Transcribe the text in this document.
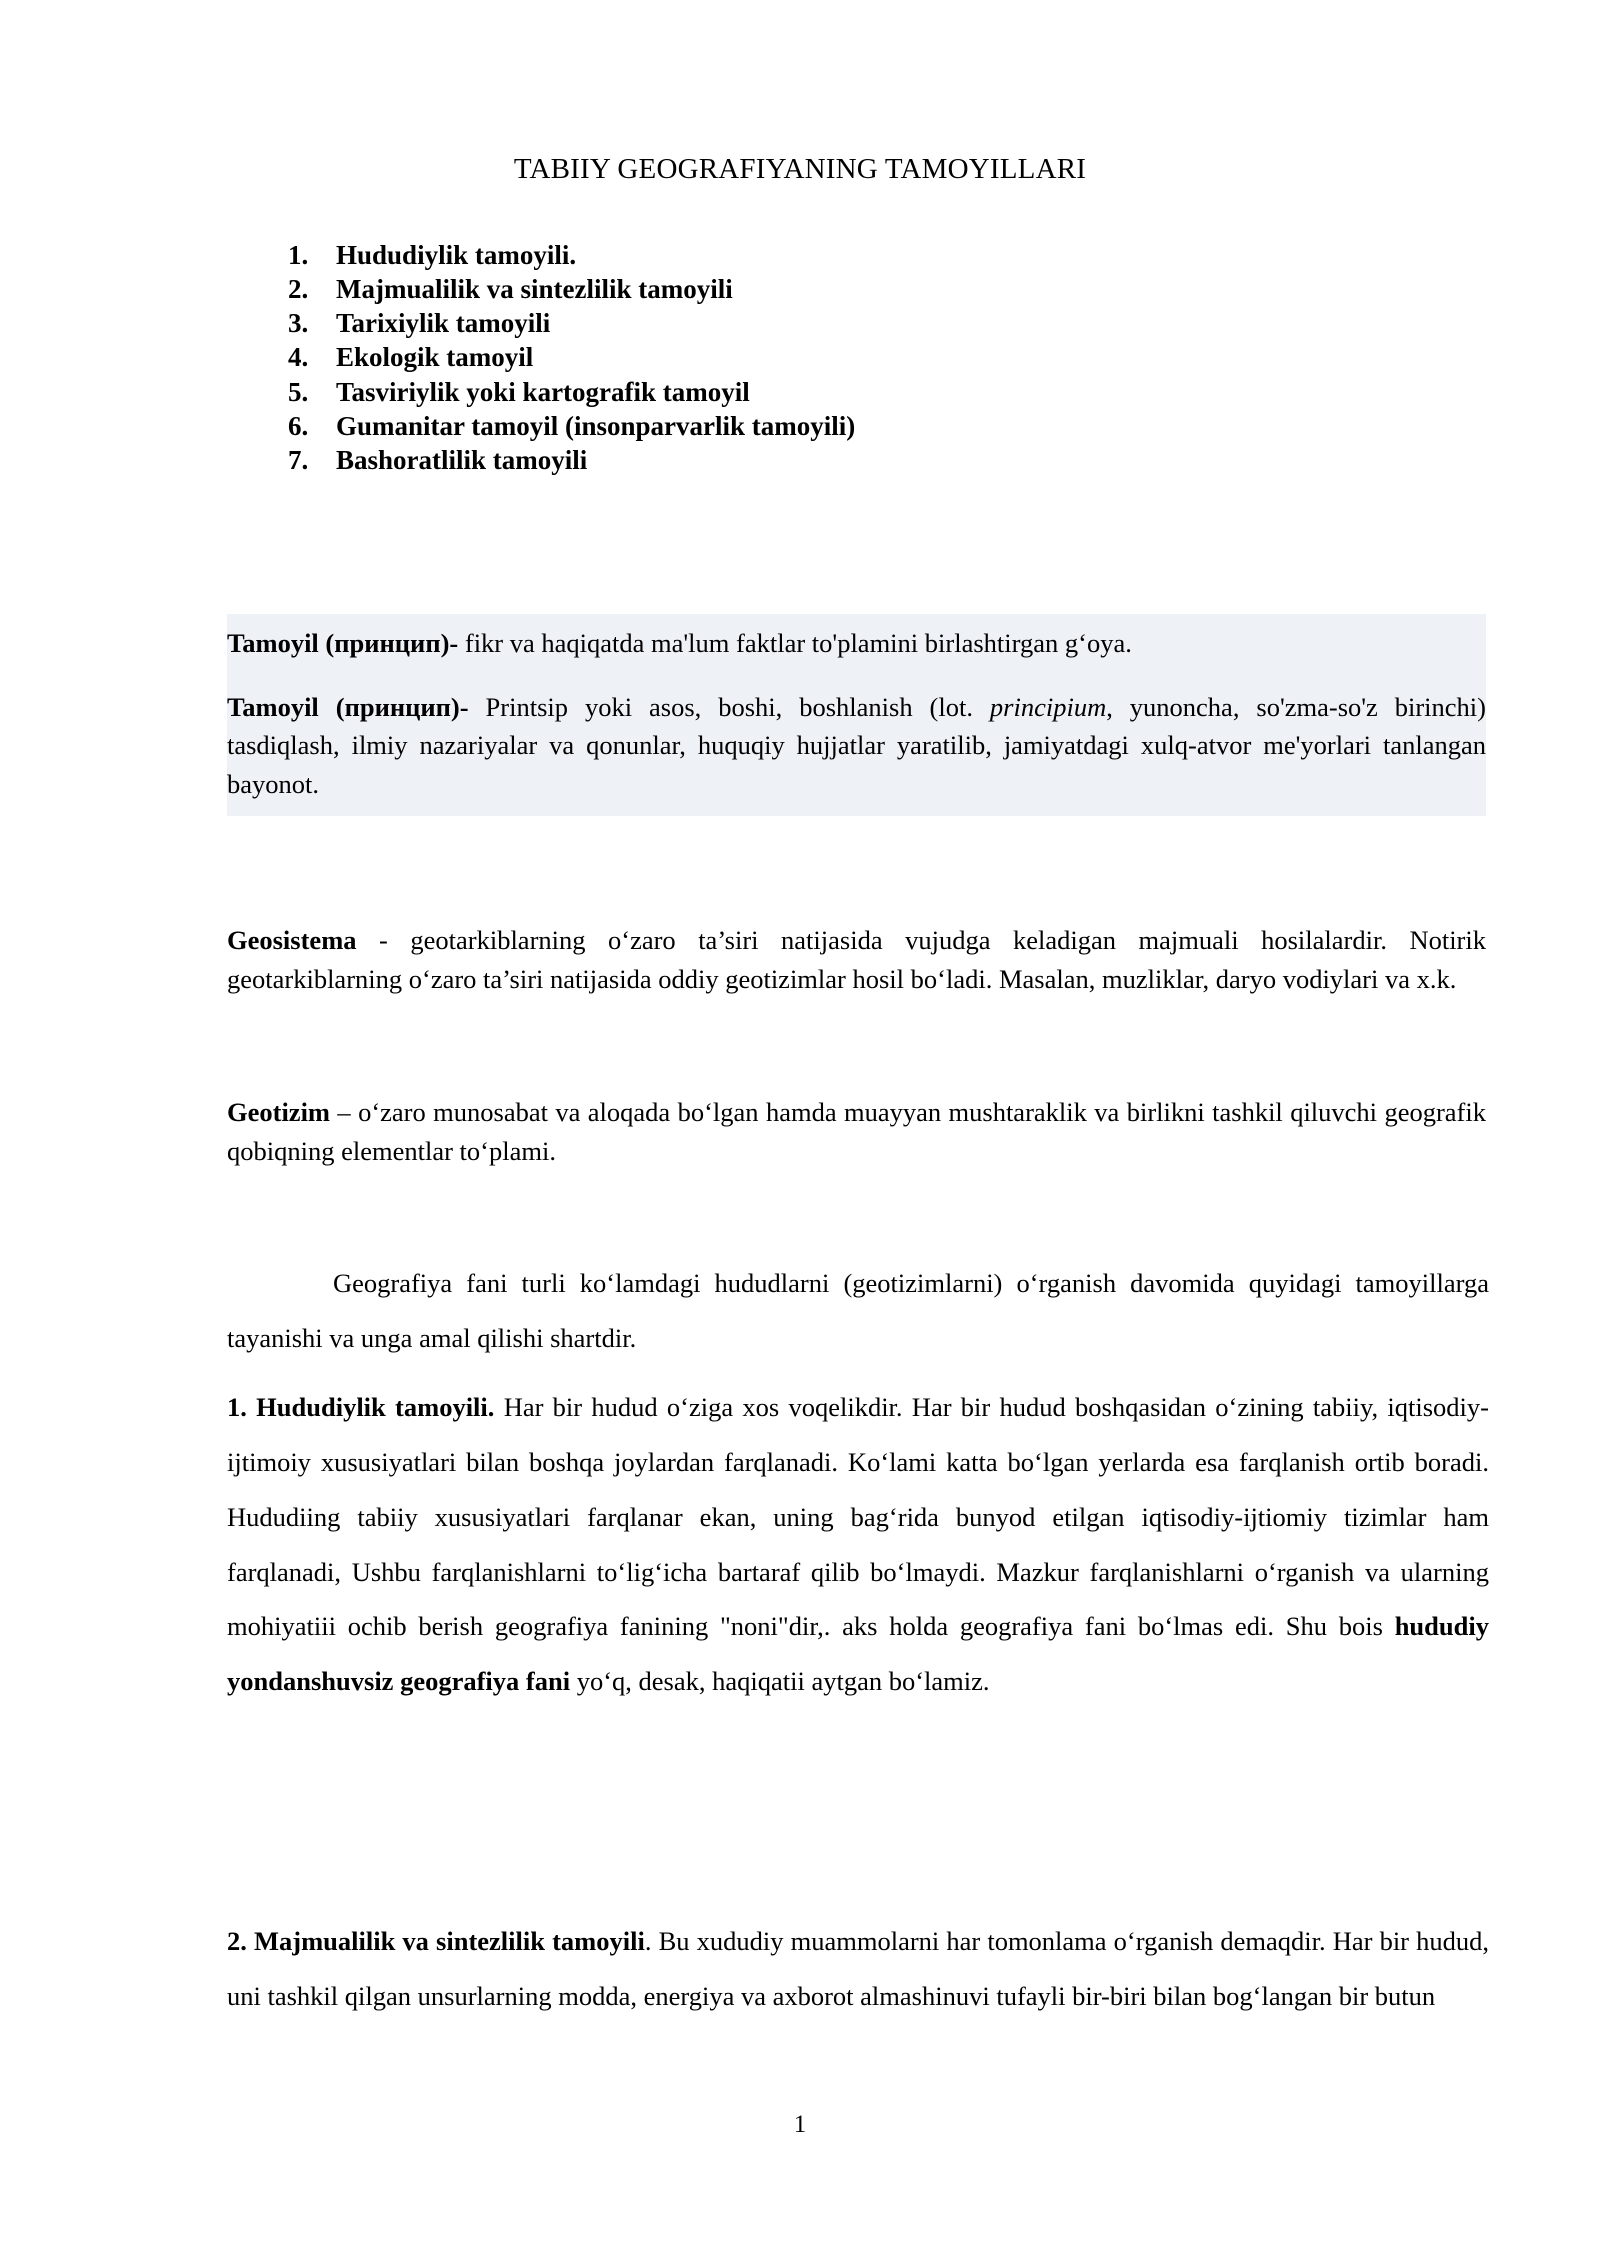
TABIIY GEOGRAFIYANING TAMOYILLARI
1.	Hududiylik tamoyili.
2.	Majmualilik va sintezlilik tamoyili
3.	Tarixiylik tamoyili
4.	Ekologik tamoyil
5.	Tasviriylik yoki kartografik tamoyil
6.	Gumanitar tamoyil (insonparvarlik tamoyili)
7.	Bashoratlilik tamoyili

Tamoyil (принцип)- fikr va haqiqatda ma'lum faktlar to'plamini birlashtirgan g‘oya.

Tamoyil (принцип)- Printsip yoki asos, boshi, boshlanish (lot. principium, yunoncha, so'zma-so'z birinchi) tasdiqlash, ilmiy nazariyalar va qonunlar, huquqiy hujjatlar yaratilib, jamiyatdagi xulq-atvor me'yorlari tanlangan bayonot.

Geosistema - geotarkiblarning o‘zaro ta’siri natijasida vujudga keladigan majmuali hosilalardir. Notirik geotarkiblarning o‘zaro ta’siri natijasida oddiy geotizimlar hosil bo‘ladi. Masalan, muzliklar, daryo vodiylari va x.k.

Geotizim – o‘zaro munosabat va aloqada bo‘lgan hamda muayyan mushtaraklik va birlikni tashkil qiluvchi geografik qobiqning elementlar to‘plami.

Geografiya fani turli ko‘lamdagi hududlarni (geotizimlarni) o‘rganish davomida quyidagi tamoyillarga tayanishi va unga amal qilishi shartdir.

1. Hududiylik tamoyili. Har bir hudud o‘ziga xos voqelikdir. Har bir hudud boshqasidan o‘zining tabiiy, iqtisodiy-ijtimoiy xususiyatlari bilan boshqa joylardan farqlanadi. Ko‘lami katta bo‘lgan yerlarda esa farqlanish ortib boradi. Hududiing tabiiy xususiyatlari farqlanar ekan, uning bag‘rida bunyod etilgan iqtisodiy-ijtiomiy tizimlar ham farqlanadi, Ushbu farqlanishlarni to‘lig‘icha bartaraf qilib bo‘lmaydi. Mazkur farqlanishlarni o‘rganish va ularning mohiyatiii ochib berish geografiya fanining "noni"dir,. aks holda geografiya fani bo‘lmas edi. Shu bois hududiy yondanshuvsiz geografiya fani yo‘q, desak, haqiqatii aytgan bo‘lamiz.

2. Majmualilik va sintezlilik tamoyili. Bu xududiy muammolarni har tomonlama o‘rganish demaqdir. Har bir hudud, uni tashkil qilgan unsurlarning modda, energiya va axborot almashinuvi tufayli bir-biri bilan bog‘langan bir butun

1
